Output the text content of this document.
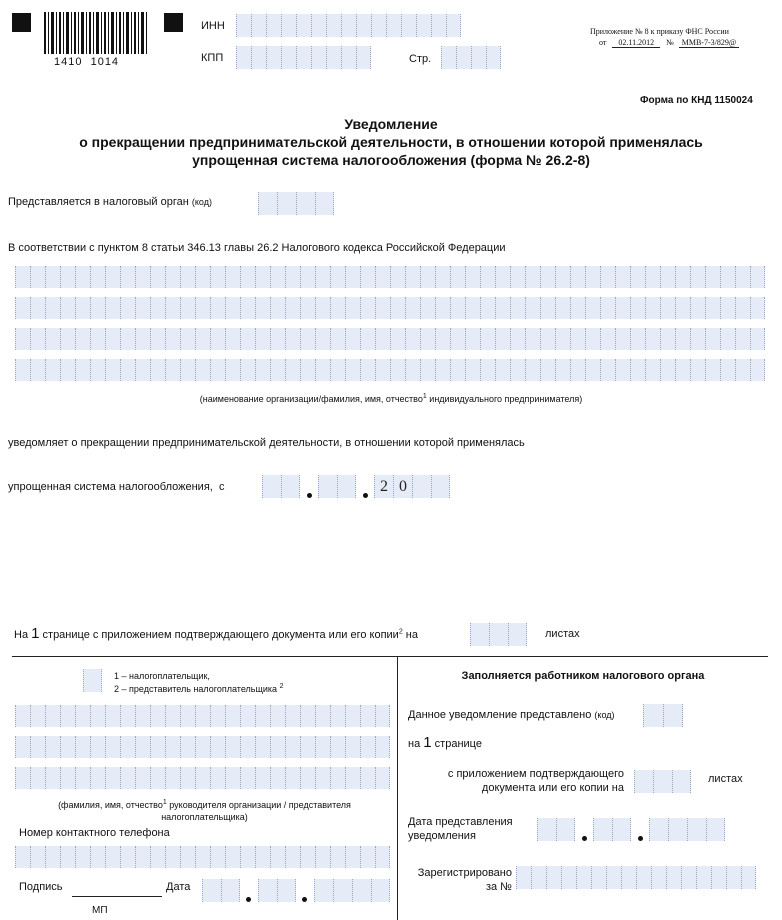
1410  1014
ИНН
КПП	Стр.
Приложение № 8 к приказу ФНС России
от 02.11.2012 № ММВ-7-3/829@
Форма по КНД 1150024
Уведомление
о прекращении предпринимательской деятельности, в отношении которой применялась
упрощенная система налогообложения (форма № 26.2-8)
Представляется в налоговый орган (код)
В соответствии с пунктом 8 статьи 346.13 главы 26.2 Налогового кодекса Российской Федерации
(наименование организации/фамилия, имя, отчество$^1$ индивидуального предпринимателя)
уведомляет о прекращении предпринимательской деятельности, в отношении которой применялась
упрощенная система налогообложения,  с	2 0
На 1 странице с приложением подтверждающего документа или его копии$^2$ на	листах
1 – налогоплательщик,
2 – представитель налогоплательщика $^2$
(фамилия, имя, отчество$^1$ руководителя организации / представителя
налогоплательщика)
Номер контактного телефона
Подпись	Дата
МП
Заполняется работником налогового органа
Данное уведомление представлено (код)
на 1 странице
с приложением подтверждающего
документа или его копии на
листах
Дата представления
уведомления
Зарегистрировано
за №
